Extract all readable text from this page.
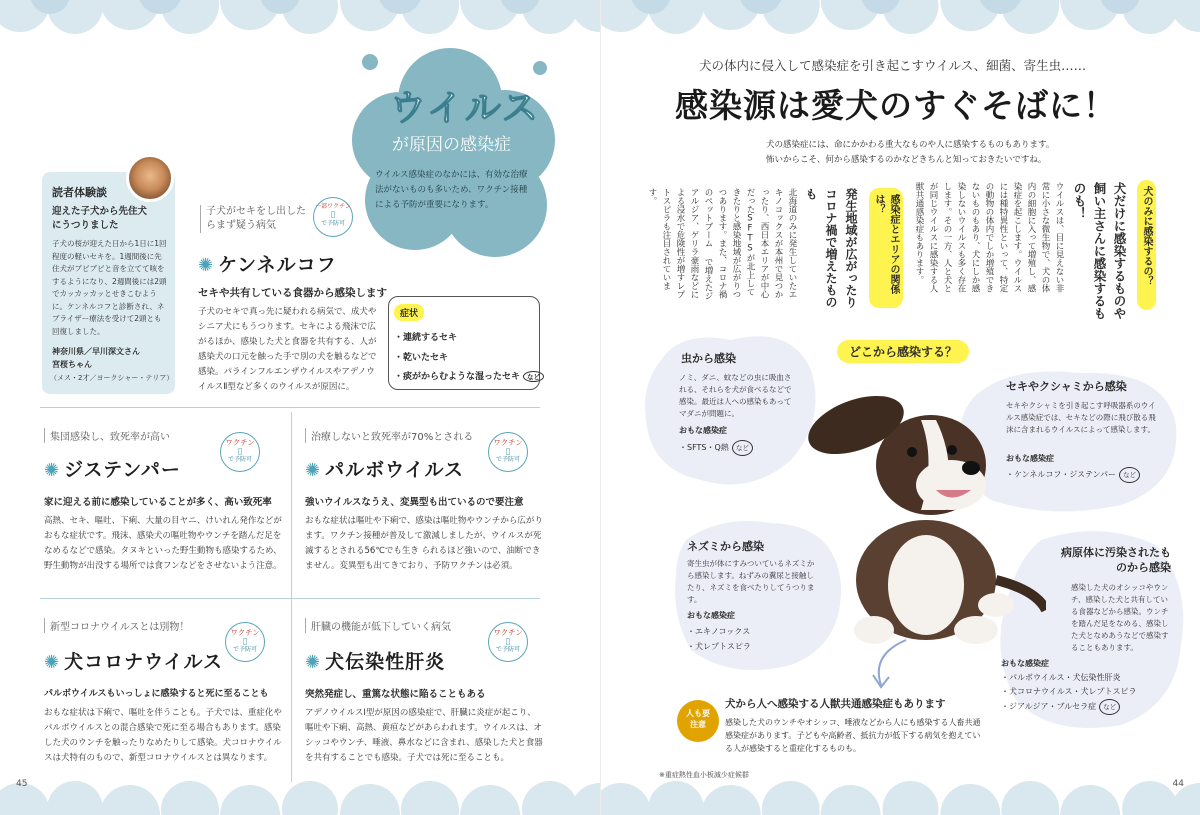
ウイルス
が原因の感染症
ウイルス感染症のなかには、有効な治療法がないものも多いため、ワクチン接種による予防が重要になります。
読者体験談
迎えた子犬から先住犬にうつりました
子犬の桜が迎えた日から1日に1回程度の軽いセキを。1週間後に先住犬がブビブビと音を立てて咳をするようになり、2週間後には2頭でカッカッカッとせきこむように。ケンネルコフと診断され、ネブライザー療法を受けて2頭とも回復しました。
神奈川県／早川深文さん
宮桜ちゃん
（メス・2才／ヨークシャー・テリア）
子犬がセキをし出したらまず疑う病気
一部ワクチン
▯
で予防可
✺ ケンネルコフ
セキや共有している食器から感染します
子犬のセキで真っ先に疑われる病気で、成犬やシニア犬にもうつります。セキによる飛沫で広がるほか、感染した犬と食器を共有する、人が感染犬の口元を触った手で別の犬を触るなどで感染。パラインフルエンザウイルスやアデノウイルスⅡ型など多くのウイルスが原因に。
症状
・連続するセキ
・乾いたセキ
・痰がからむような湿ったセキ など
集団感染し、致死率が高い	ワクチン
▯
で予防可
✺ ジステンパー
家に迎える前に感染していることが多く、高い致死率
高熱、セキ、嘔吐、下痢、大量の目ヤニ、けいれん発作などがおもな症状です。飛沫、感染犬の嘔吐物やウンチを踏んだ足をなめるなどで感染。タヌキといった野生動物も感染するため、野生動物が出没する場所では食フンなどをさせないよう注意。
治療しないと致死率が70%とされる	ワクチン
▯
で予防可
✺ パルボウイルス
強いウイルスなうえ、変異型も出ているので要注意
おもな症状は嘔吐や下痢で、感染は嘔吐物やウンチから広がります。ワクチン接種が普及して激減しましたが、ウイルスが死滅するとされる56℃でも生き られるほど強いので、油断できません。変異型も出てきており、予防ワクチンは必須。
新型コロナウイルスとは別物！	ワクチン
▯
で予防可
✺ 犬コロナウイルス
パルボウイルスもいっしょに感染すると死に至ることも
おもな症状は下痢で、嘔吐を伴うことも。子犬では、重症化やパルボウイルスとの混合感染で死に至る場合もあります。感染した犬のウンチを触ったりなめたりして感染。犬コロナウイルスは犬特有のもので、新型コロナウイルスとは異なります。
肝臓の機能が低下していく病気	ワクチン
▯
で予防可
✺ 犬伝染性肝炎
突然発症し、重篤な状態に陥ることもある
アデノウイルスⅠ型が原因の感染症で、肝臓に炎症が起こり、嘔吐や下痢、高熱、黄疸などがあらわれます。ウイルスは、オシッコやウンチ、唾液、鼻水などに含まれ、感染した犬と食器を共有することでも感染。子犬では死に至ることも。
45
犬の体内に侵入して感染症を引き起こすウイルス、細菌、寄生虫……
感染源は愛犬のすぐそばに！
犬の感染症には、命にかかわる重大なものや人に感染するものもあります。
怖いからこそ、何から感染するのかなどきちんと知っておきたいですね。
犬のみに感染するの？
犬だけに感染するものや飼い主さんに感染するものも！
ウイルスは、目に見えない非常に小さな微生物で、犬の体内の細胞に入って増殖し、感染症を起こします。ウイルスには種特異性といって、特定の動物の体内でしか増殖できないものもあり、犬にしか感染しないウイルスも多く存在します。その一方、人と犬とが同じウイルスに感染する人獣共通感染症もあります。
感染症とエリアの関係は？
発生地域が広がったりコロナ禍で増えたものも
北海道のみに発生していたエキノコックスが本州で見つかったり、西日本エリアが中心だったSFTSが北上してきたりと感染地域が広がりつつあります。また、コロナ禍のペットブーム で増えたジアルジア、ゲリラ豪雨などによる浸水で危険性が増すレプトスピラも注目されています。
どこから感染する？
虫から感染
ノミ、ダニ、蚊などの虫に吸血される、それらを犬が食べるなどで感染。最近は人への感染もあってマダニが問題に。
おもな感染症
・SFTS・Q熱 など
セキやクシャミから感染
セキやクシャミを引き起こす呼吸器系のウイルス感染症では、セキなどの際に飛び散る飛沫に含まれるウイルスによって感染します。
おもな感染症
・ケンネルコフ・ジステンパー など
ネズミから感染
寄生虫が体にすみついているネズミから感染します。ねずみの糞尿と接触したり、ネズミを食べたりしてうつります。
おもな感染症
・エキノコックス
・犬レプトスピラ
病原体に汚染されたものから感染
感染した犬のオシッコやウンチ、感染した犬と共有している食器などから感染。ウンチを踏んだ足をなめる、感染した犬となめあうなどで感染することもあります。
おもな感染症
・パルボウイルス・犬伝染性肝炎
・犬コロナウイルス・犬レプトスピラ
・ジアルジア・ブルセラ症 など
人も要注意
犬から人へ感染する人獣共通感染症もあります
感染した犬のウンチやオシッコ、唾液などから人にも感染する人畜共通感染症があります。子どもや高齢者、抵抗力が低下する病気を抱えている人が感染すると重症化するものも。
※重症熱性血小板減少症候群
44
